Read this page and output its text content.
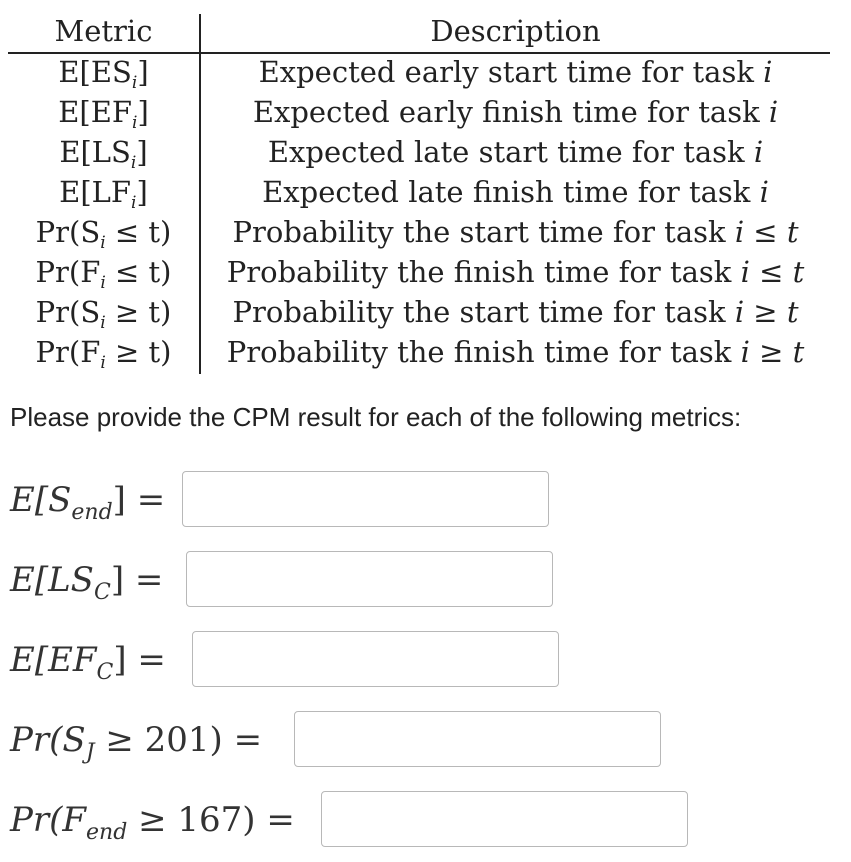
Metric	Description
$E[ES_i]$	Expected early start time for task i
$E[EF_i]$	Expected early finish time for task i
$E[LS_i]$	Expected late start time for task i
$E[LF_i]$	Expected late finish time for task i
$Pr(S_i \le t)$	Probability the start time for task i ≤ t
$Pr(F_i \le t)$	Probability the finish time for task i ≤ t
$Pr(S_i \ge t)$	Probability the start time for task i ≥ t
$Pr(F_i \ge t)$	Probability the finish time for task i ≥ t
Please provide the CPM result for each of the following metrics:
$E[S_{end}]$ =
$E[LS_C]$ =
$E[EF_C]$ =
$Pr(S_J \ge 201)$ =
$Pr(F_{end} \ge 167)$ =
